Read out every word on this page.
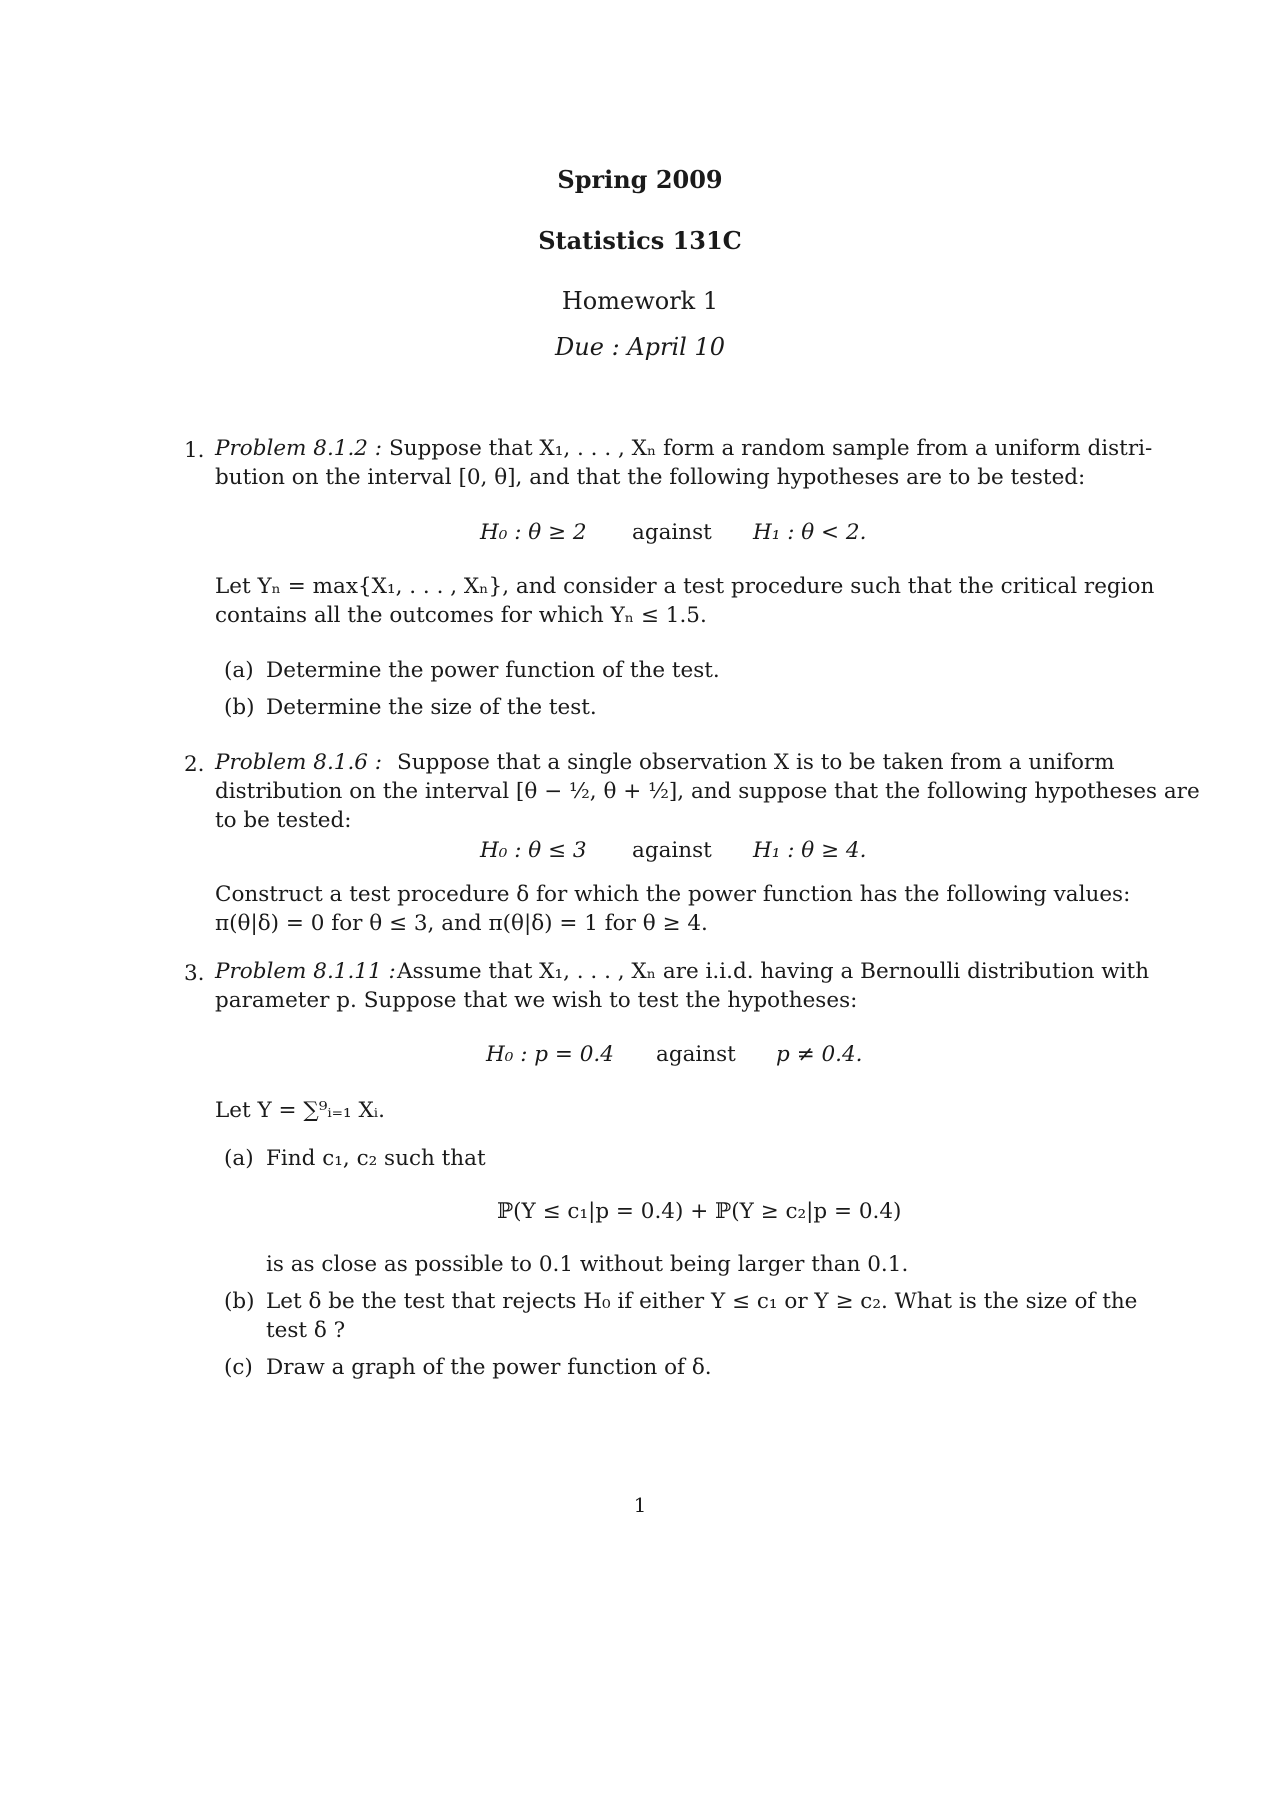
Spring 2009
Statistics 131C
Homework 1
Due : April 10
1. Problem 8.1.2 : Suppose that X₁, . . . , Xₙ form a random sample from a uniform distri-
bution on the interval [0, θ], and that the following hypotheses are to be tested:
H₀ : θ ≥ 2 against H₁ : θ < 2.
Let Yₙ = max{X₁, . . . , Xₙ}, and consider a test procedure such that the critical region
contains all the outcomes for which Yₙ ≤ 1.5.
(a) Determine the power function of the test.
(b) Determine the size of the test.
2. Problem 8.1.6 : Suppose that a single observation X is to be taken from a uniform
distribution on the interval [θ − ½, θ + ½], and suppose that the following hypotheses are
to be tested:
H₀ : θ ≤ 3 against H₁ : θ ≥ 4.
Construct a test procedure δ for which the power function has the following values:
π(θ|δ) = 0 for θ ≤ 3, and π(θ|δ) = 1 for θ ≥ 4.
3. Problem 8.1.11 : Assume that X₁, . . . , Xₙ are i.i.d. having a Bernoulli distribution with
parameter p. Suppose that we wish to test the hypotheses:
H₀ : p = 0.4 against p ≠ 0.4.
Let Y = ∑⁹ᵢ₌₁ Xᵢ.
(a) Find c₁, c₂ such that
ℙ(Y ≤ c₁|p = 0.4) + ℙ(Y ≥ c₂|p = 0.4)
is as close as possible to 0.1 without being larger than 0.1.
(b) Let δ be the test that rejects H₀ if either Y ≤ c₁ or Y ≥ c₂. What is the size of the
test δ ?
(c) Draw a graph of the power function of δ.
1
